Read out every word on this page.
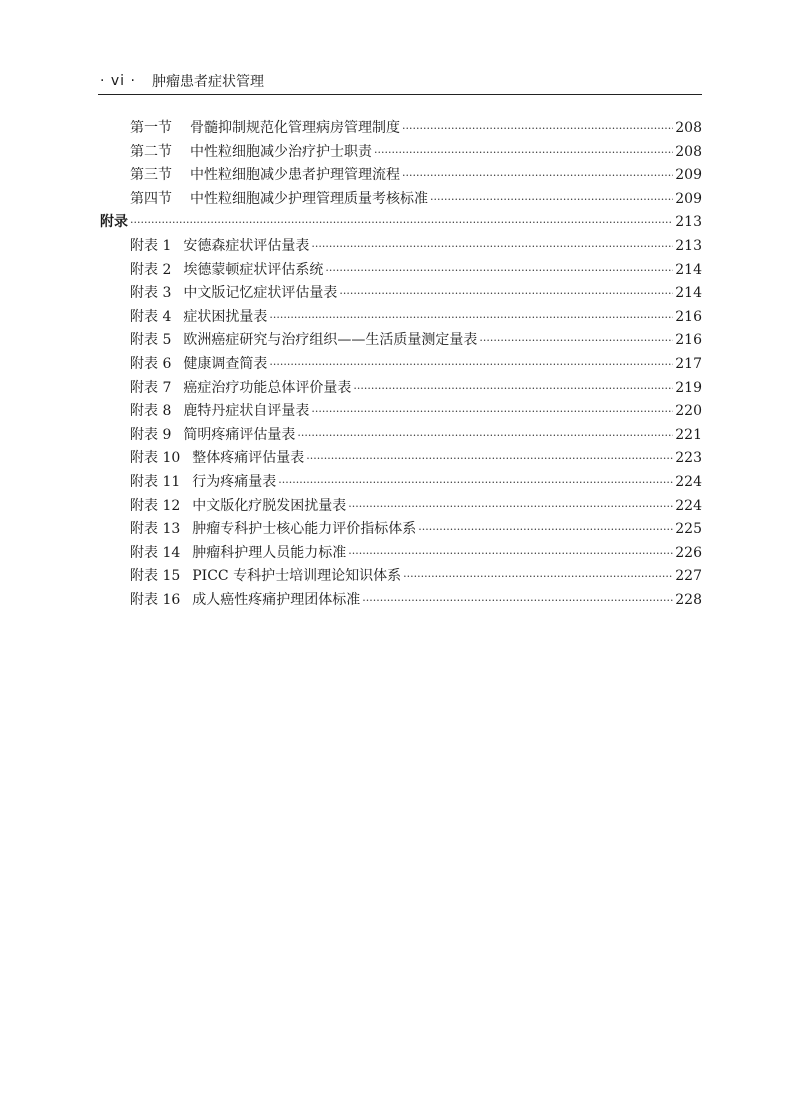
· vi · 肿瘤患者症状管理
第一节 骨髓抑制规范化管理病房管理制度 ·····	208
第二节 中性粒细胞减少治疗护士职责 ·····	208
第三节 中性粒细胞减少患者护理管理流程 ·····	209
第四节 中性粒细胞减少护理管理质量考核标准 ·····	209
附录 ·····	213
附表 1 安德森症状评估量表 ·····	213
附表 2 埃德蒙顿症状评估系统 ·····	214
附表 3 中文版记忆症状评估量表 ·····	214
附表 4 症状困扰量表 ·····	216
附表 5 欧洲癌症研究与治疗组织——生活质量测定量表 ·····	216
附表 6 健康调查简表 ·····	217
附表 7 癌症治疗功能总体评价量表 ·····	219
附表 8 鹿特丹症状自评量表 ·····	220
附表 9 简明疼痛评估量表 ·····	221
附表 10 整体疼痛评估量表 ·····	223
附表 11 行为疼痛量表 ·····	224
附表 12 中文版化疗脱发困扰量表 ·····	224
附表 13 肿瘤专科护士核心能力评价指标体系 ·····	225
附表 14 肿瘤科护理人员能力标准 ·····	226
附表 15 PICC 专科护士培训理论知识体系 ·····	227
附表 16 成人癌性疼痛护理团体标准 ·····	228
